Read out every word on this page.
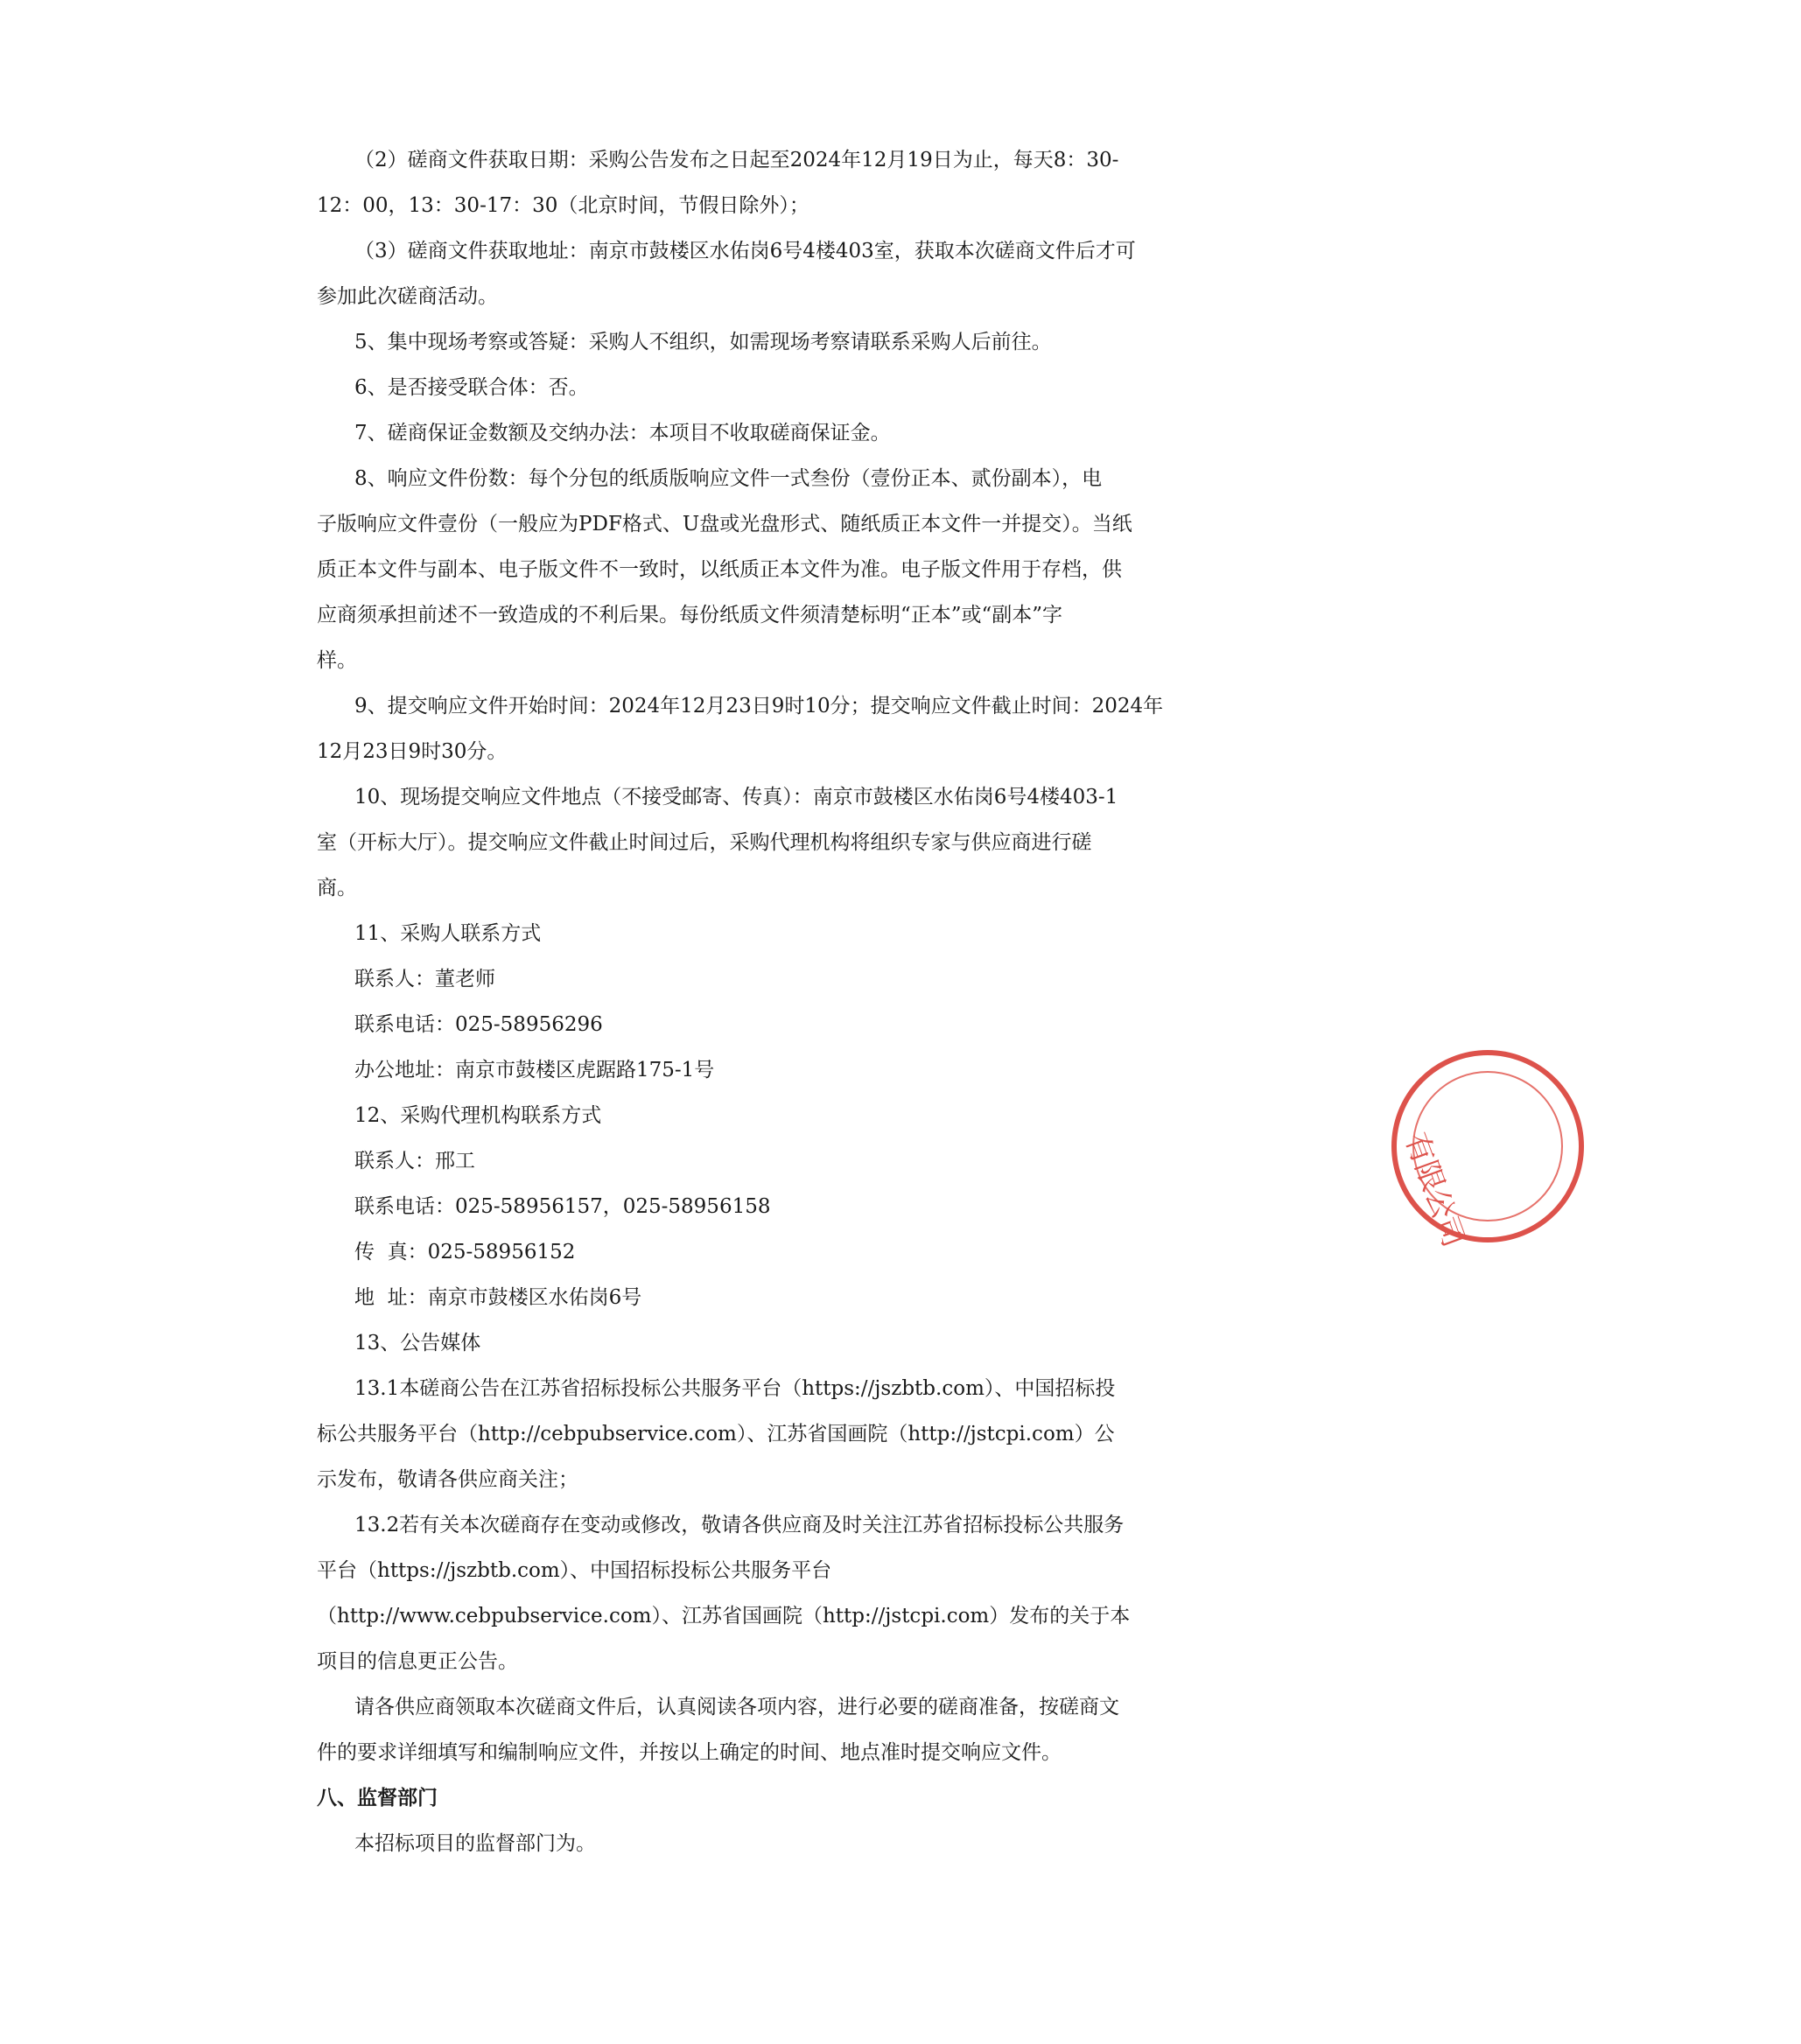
（2）磋商文件获取日期：采购公告发布之日起至2024年12月19日为止，每天8：30-
12：00，13：30-17：30（北京时间，节假日除外）；
（3）磋商文件获取地址：南京市鼓楼区水佑岗6号4楼403室，获取本次磋商文件后才可
参加此次磋商活动。
5、集中现场考察或答疑：采购人不组织，如需现场考察请联系采购人后前往。
6、是否接受联合体：否。
7、磋商保证金数额及交纳办法：本项目不收取磋商保证金。
8、响应文件份数：每个分包的纸质版响应文件一式叁份（壹份正本、贰份副本），电
子版响应文件壹份（一般应为PDF格式、U盘或光盘形式、随纸质正本文件一并提交）。当纸
质正本文件与副本、电子版文件不一致时，以纸质正本文件为准。电子版文件用于存档，供
应商须承担前述不一致造成的不利后果。每份纸质文件须清楚标明“正本”或“副本”字
样。
9、提交响应文件开始时间：2024年12月23日9时10分；提交响应文件截止时间：2024年
12月23日9时30分。
10、现场提交响应文件地点（不接受邮寄、传真）：南京市鼓楼区水佑岗6号4楼403-1
室（开标大厅）。提交响应文件截止时间过后，采购代理机构将组织专家与供应商进行磋
商。
11、采购人联系方式
联系人：董老师
联系电话：025-58956296
办公地址：南京市鼓楼区虎踞路175-1号
12、采购代理机构联系方式
联系人：邢工
联系电话：025-58956157，025-58956158
传  真：025-58956152
地  址：南京市鼓楼区水佑岗6号
13、公告媒体
13.1本磋商公告在江苏省招标投标公共服务平台（https://jszbtb.com）、中国招标投
标公共服务平台（http://cebpubservice.com）、江苏省国画院（http://jstcpi.com）公
示发布，敬请各供应商关注；
13.2若有关本次磋商存在变动或修改，敬请各供应商及时关注江苏省招标投标公共服务
平台（https://jszbtb.com）、中国招标投标公共服务平台
（http://www.cebpubservice.com）、江苏省国画院（http://jstcpi.com）发布的关于本
项目的信息更正公告。
请各供应商领取本次磋商文件后，认真阅读各项内容，进行必要的磋商准备，按磋商文
件的要求详细填写和编制响应文件，并按以上确定的时间、地点准时提交响应文件。
八、监督部门
本招标项目的监督部门为。
有限公司
